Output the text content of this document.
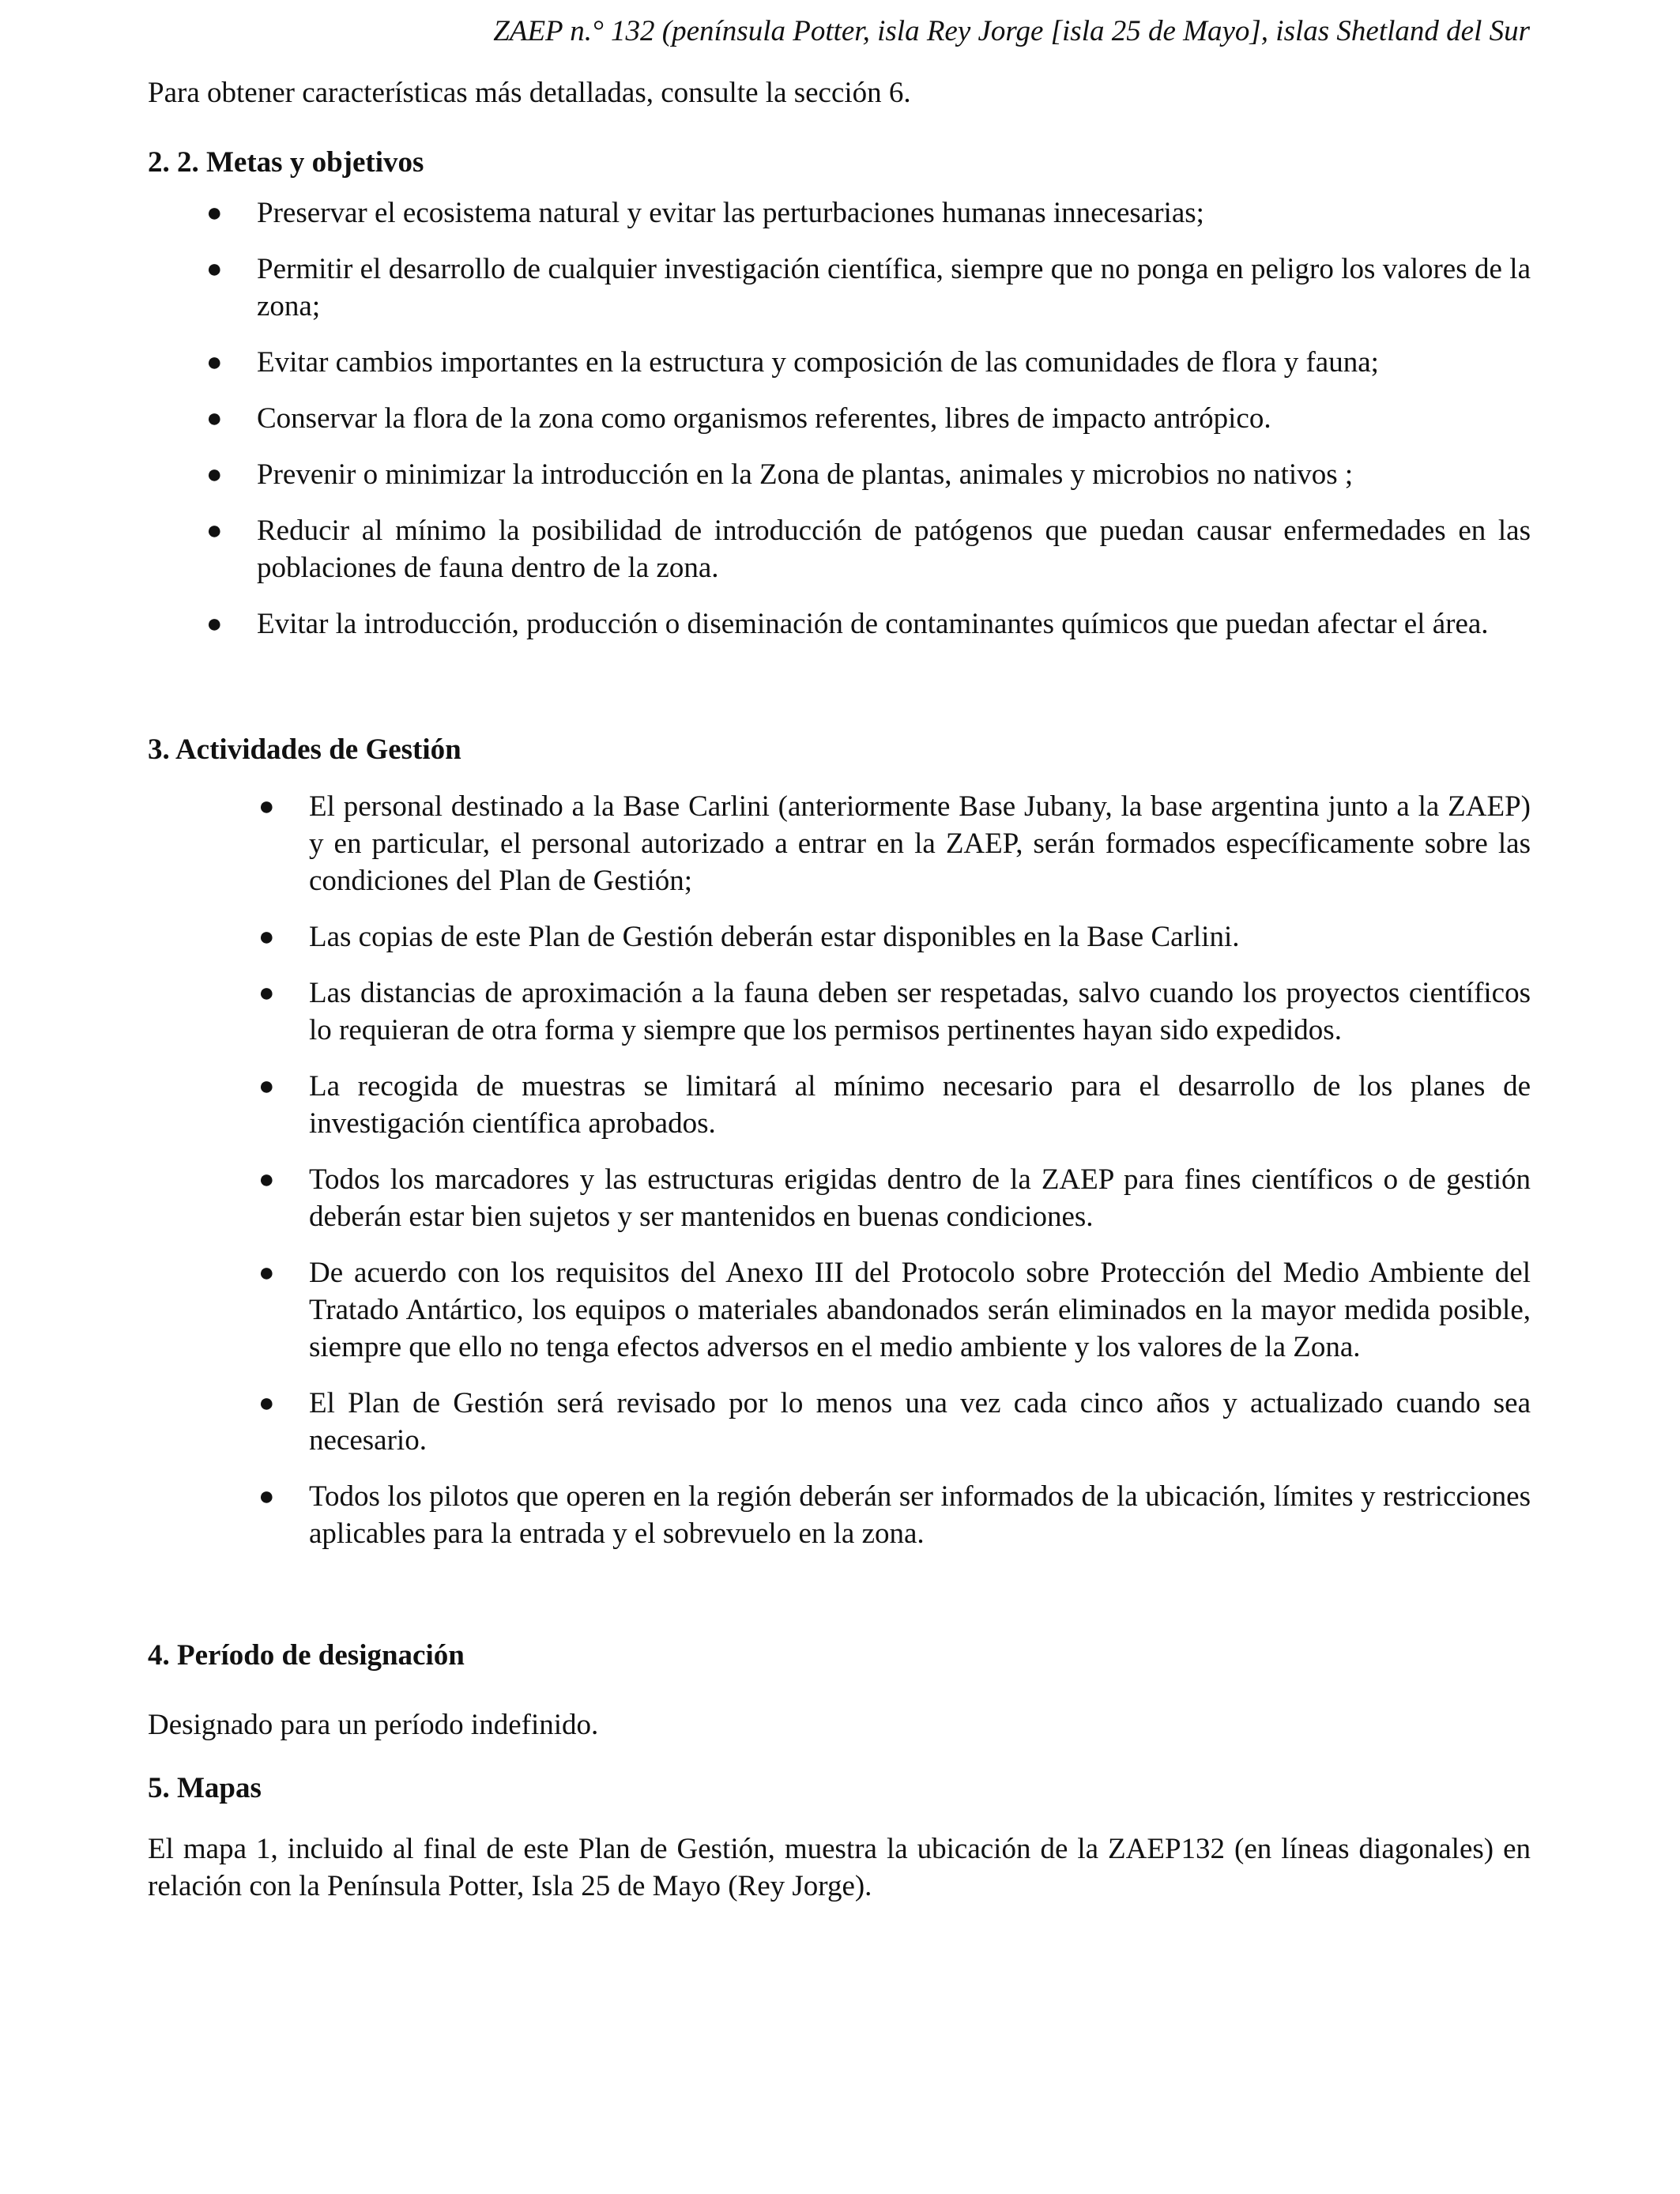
ZAEP n.° 132 (península Potter, isla Rey Jorge [isla 25 de Mayo], islas Shetland del Sur

Para obtener características más detalladas, consulte la sección 6.

2. 2. Metas y objetivos

● Preservar el ecosistema natural y evitar las perturbaciones humanas innecesarias;
● Permitir el desarrollo de cualquier investigación científica, siempre que no ponga en peligro los valores de la zona;
● Evitar cambios importantes en la estructura y composición de las comunidades de flora y fauna;
● Conservar la flora de la zona como organismos referentes, libres de impacto antrópico.
● Prevenir o minimizar la introducción en la Zona de plantas, animales y microbios no nativos ;
● Reducir al mínimo la posibilidad de introducción de patógenos que puedan causar enfermedades en las poblaciones de fauna dentro de la zona.
● Evitar la introducción, producción o diseminación de contaminantes químicos que puedan afectar el área.

3. Actividades de Gestión

● El personal destinado a la Base Carlini (anteriormente Base Jubany, la base argentina junto a la ZAEP) y en particular, el personal autorizado a entrar en la ZAEP, serán formados específicamente sobre las condiciones del Plan de Gestión;
● Las copias de este Plan de Gestión deberán estar disponibles en la Base Carlini.
● Las distancias de aproximación a la fauna deben ser respetadas, salvo cuando los proyectos científicos lo requieran de otra forma y siempre que los permisos pertinentes hayan sido expedidos.
● La recogida de muestras se limitará al mínimo necesario para el desarrollo de los planes de investigación científica aprobados.
● Todos los marcadores y las estructuras erigidas dentro de la ZAEP para fines científicos o de gestión deberán estar bien sujetos y ser mantenidos en buenas condiciones.
● De acuerdo con los requisitos del Anexo III del Protocolo sobre Protección del Medio Ambiente del Tratado Antártico, los equipos o materiales abandonados serán eliminados en la mayor medida posible, siempre que ello no tenga efectos adversos en el medio ambiente y los valores de la Zona.
● El Plan de Gestión será revisado por lo menos una vez cada cinco años y actualizado cuando sea necesario.
● Todos los pilotos que operen en la región deberán ser informados de la ubicación, límites y restricciones aplicables para la entrada y el sobrevuelo en la zona.

4. Período de designación

Designado para un período indefinido.

5. Mapas

El mapa 1, incluido al final de este Plan de Gestión, muestra la ubicación de la ZAEP132 (en líneas diagonales) en relación con la Península Potter, Isla 25 de Mayo (Rey Jorge).
